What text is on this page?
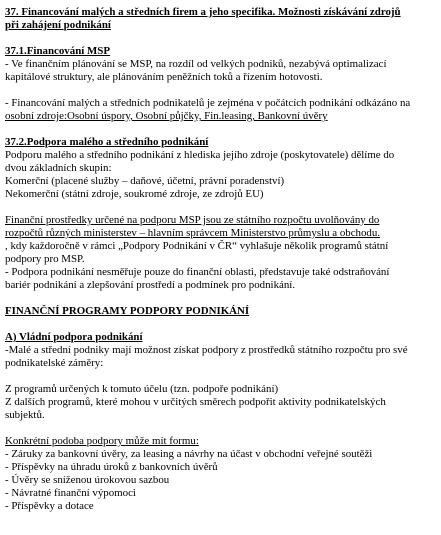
37. Financování malých a středních firem a jeho specifika. Možnosti získávání zdrojů
při zahájení podnikání
37.1.Financování MSP
- Ve finančním plánování se MSP, na rozdíl od velkých podniků, nezabývá optimalizací
kapitálové struktury, ale plánováním peněžních toků a řízením hotovosti.
- Financování malých a středních podnikatelů je zejména v počátcích podnikání odkázáno na
osobní zdroje:Osobní úspory, Osobní půjčky, Fin.leasing, Bankovní úvěry
37.2.Podpora malého a středního podnikání
Podporu malého a středního podnikání z hlediska jejího zdroje (poskytovatele) dělíme do
dvou základních skupin:
Komerční (placené služby – daňové, účetní, právní poradenství)
Nekomerční (státní zdroje, soukromé zdroje, ze zdrojů EU)
Finanční prostředky určené na podporu MSP jsou ze státního rozpočtu uvolňovány do
rozpočtů různých ministerstev – hlavním správcem Ministerstvo průmyslu a obchodu.
, kdy každoročně v rámci „Podpory Podnikání v ČR“ vyhlašuje několik programů státní
podpory pro MSP.
- Podpora podnikání nesměřuje pouze do finanční oblasti, představuje také odstraňování
bariér podnikání a zlepšování prostředí a podmínek pro podnikání.
FINANČNÍ PROGRAMY PODPORY PODNIKÁNÍ
A) Vládní podpora podnikání
-Malé a střední podniky mají možnost získat podpory z prostředků státního rozpočtu pro své
podnikatelské záměry:
Z programů určených k tomuto účelu (tzn. podpoře podnikání)
Z dalších programů, které mohou v určitých směrech podpořit aktivity podnikatelských
subjektů.
Konkrétní podoba podpory může mít formu:
- Záruky za bankovní úvěry, za leasing a návrhy na účast v obchodní veřejné soutěži
- Příspěvky na úhradu úroků z bankovních úvěrů
- Úvěry se sníženou úrokovou sazbou
- Návratné finanční výpomoci
- Příspěvky a dotace
